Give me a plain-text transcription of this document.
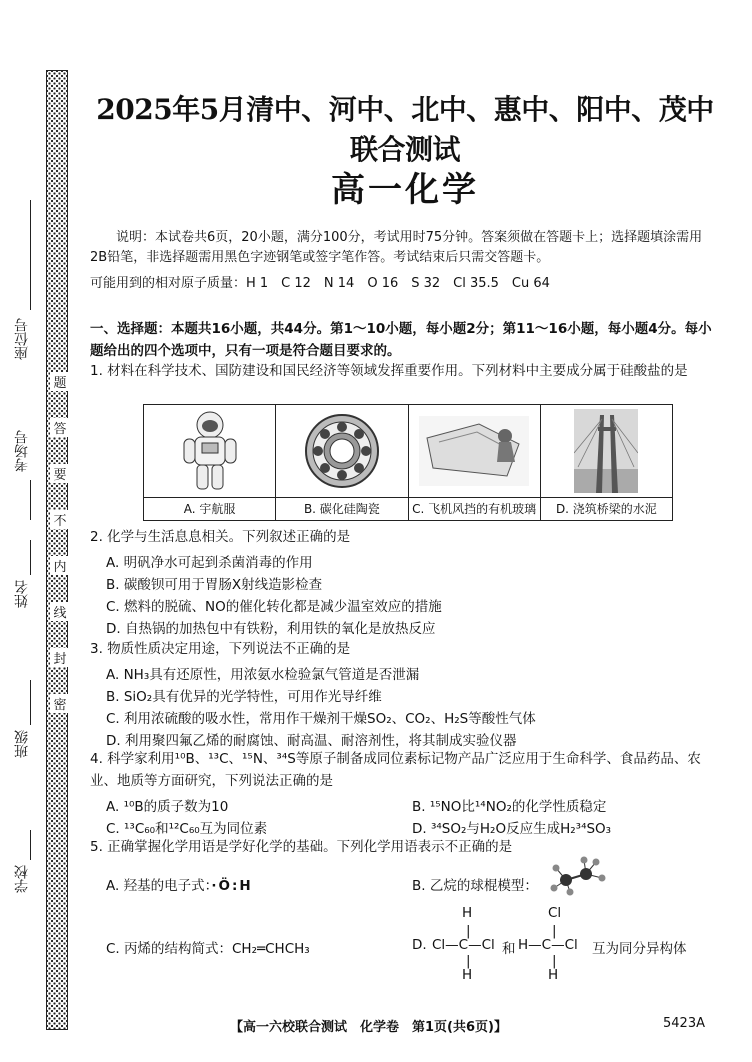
题
答
要
不
内
线
封
密
座位号
考场号
姓名
班级
学校
2025年5月清中、河中、北中、惠中、阳中、茂中联合测试
高一化学
说明：本试卷共6页，20小题，满分100分，考试用时75分钟。答案须做在答题卡上；选择题填涂需用2B铅笔，非选择题需用黑色字迹钢笔或签字笔作答。考试结束后只需交答题卡。
可能用到的相对原子质量：H 1　C 12　N 14　O 16　S 32　Cl 35.5　Cu 64
一、选择题：本题共16小题，共44分。第1～10小题，每小题2分；第11～16小题，每小题4分。每小题给出的四个选项中，只有一项是符合题目要求的。
1. 材料在科学技术、国防建设和国民经济等领域发挥重要作用。下列材料中主要成分属于硅酸盐的是
A. 宇航服	B. 碳化硅陶瓷	C. 飞机风挡的有机玻璃	D. 浇筑桥梁的水泥
2. 化学与生活息息相关。下列叙述正确的是
A. 明矾净水可起到杀菌消毒的作用
B. 碳酸钡可用于胃肠X射线造影检查
C. 燃料的脱硫、NO的催化转化都是减少温室效应的措施
D. 自热锅的加热包中有铁粉，利用铁的氧化是放热反应
3. 物质性质决定用途，下列说法不正确的是
A. NH₃具有还原性，用浓氨水检验氯气管道是否泄漏
B. SiO₂具有优异的光学特性，可用作光导纤维
C. 利用浓硫酸的吸水性，常用作干燥剂干燥SO₂、CO₂、H₂S等酸性气体
D. 利用聚四氟乙烯的耐腐蚀、耐高温、耐溶剂性，将其制成实验仪器
4. 科学家利用¹⁰B、¹³C、¹⁵N、³⁴S等原子制备成同位素标记物产品广泛应用于生命科学、食品药品、农业、地质等方面研究，下列说法正确的是
A. ¹⁰B的质子数为10	B. ¹⁵NO比¹⁴NO₂的化学性质稳定
C. ¹³C₆₀和¹²C₆₀互为同位素	D. ³⁴SO₂与H₂O反应生成H₂³⁴SO₃
5. 正确掌握化学用语是学好化学的基础。下列化学用语表示不正确的是
A. 羟基的电子式：·Ö:H	B. 乙烷的球棍模型：
C. 丙烯的结构简式：CH₂═CHCH₃	D.
H
|
Cl—C—Cl
|
H
和
Cl
|
H—C—Cl
|
H
互为同分异构体
【高一六校联合测试　化学卷　第1页(共6页)】	5423A
